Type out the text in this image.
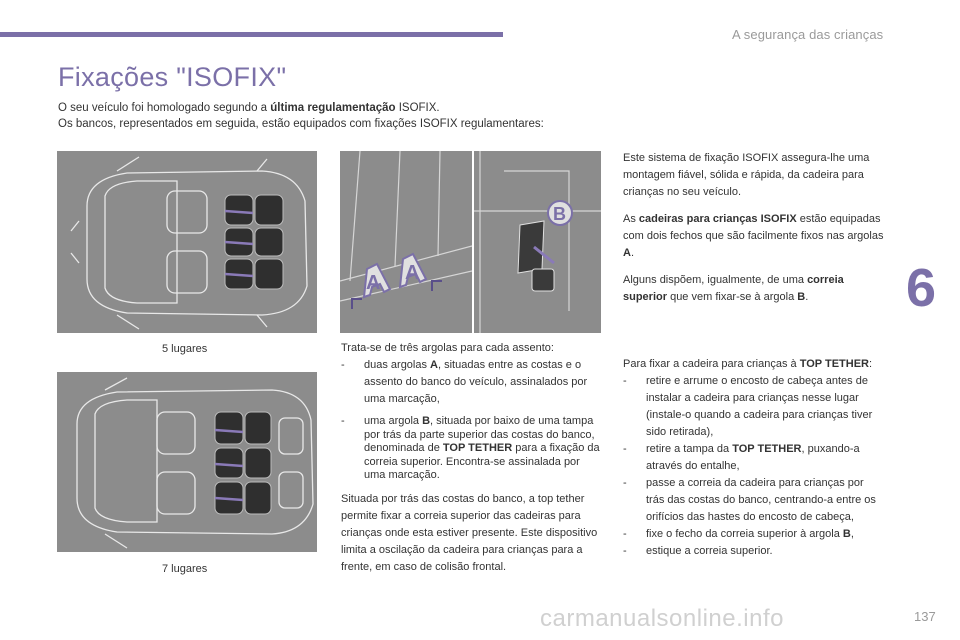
A segurança das crianças
Fixações "ISOFIX"
O seu veículo foi homologado segundo a última regulamentação ISOFIX.
Os bancos, representados em seguida, estão equipados com fixações ISOFIX regulamentares:
6
5 lugares
7 lugares
A A
B
Trata-se de três argolas para cada assento:
- duas argolas A, situadas entre as costas e o assento do banco do veículo, assinalados por uma marcação,
- uma argola B, situada por baixo de uma tampa por trás da parte superior das costas do banco, denominada de TOP TETHER para a fixação da correia superior. Encontra-se assinalada por uma marcação.
Situada por trás das costas do banco, a top tether permite fixar a correia superior das cadeiras para crianças onde esta estiver presente. Este dispositivo limita a oscilação da cadeira para crianças para a frente, em caso de colisão frontal.
Este sistema de fixação ISOFIX assegura-lhe uma montagem fiável, sólida e rápida, da cadeira para crianças no seu veículo.
As cadeiras para crianças ISOFIX estão equipadas com dois fechos que são facilmente fixos nas argolas A.
Alguns dispõem, igualmente, de uma correia superior que vem fixar-se à argola B.
Para fixar a cadeira para crianças à TOP TETHER:
- retire e arrume o encosto de cabeça antes de instalar a cadeira para crianças nesse lugar (instale-o quando a cadeira para crianças tiver sido retirada),
- retire a tampa da TOP TETHER, puxando-a através do entalhe,
- passe a correia da cadeira para crianças por trás das costas do banco, centrando-a entre os orifícios das hastes do encosto de cabeça,
- fixe o fecho da correia superior à argola B,
- estique a correia superior.
carmanualsonline.info	137
